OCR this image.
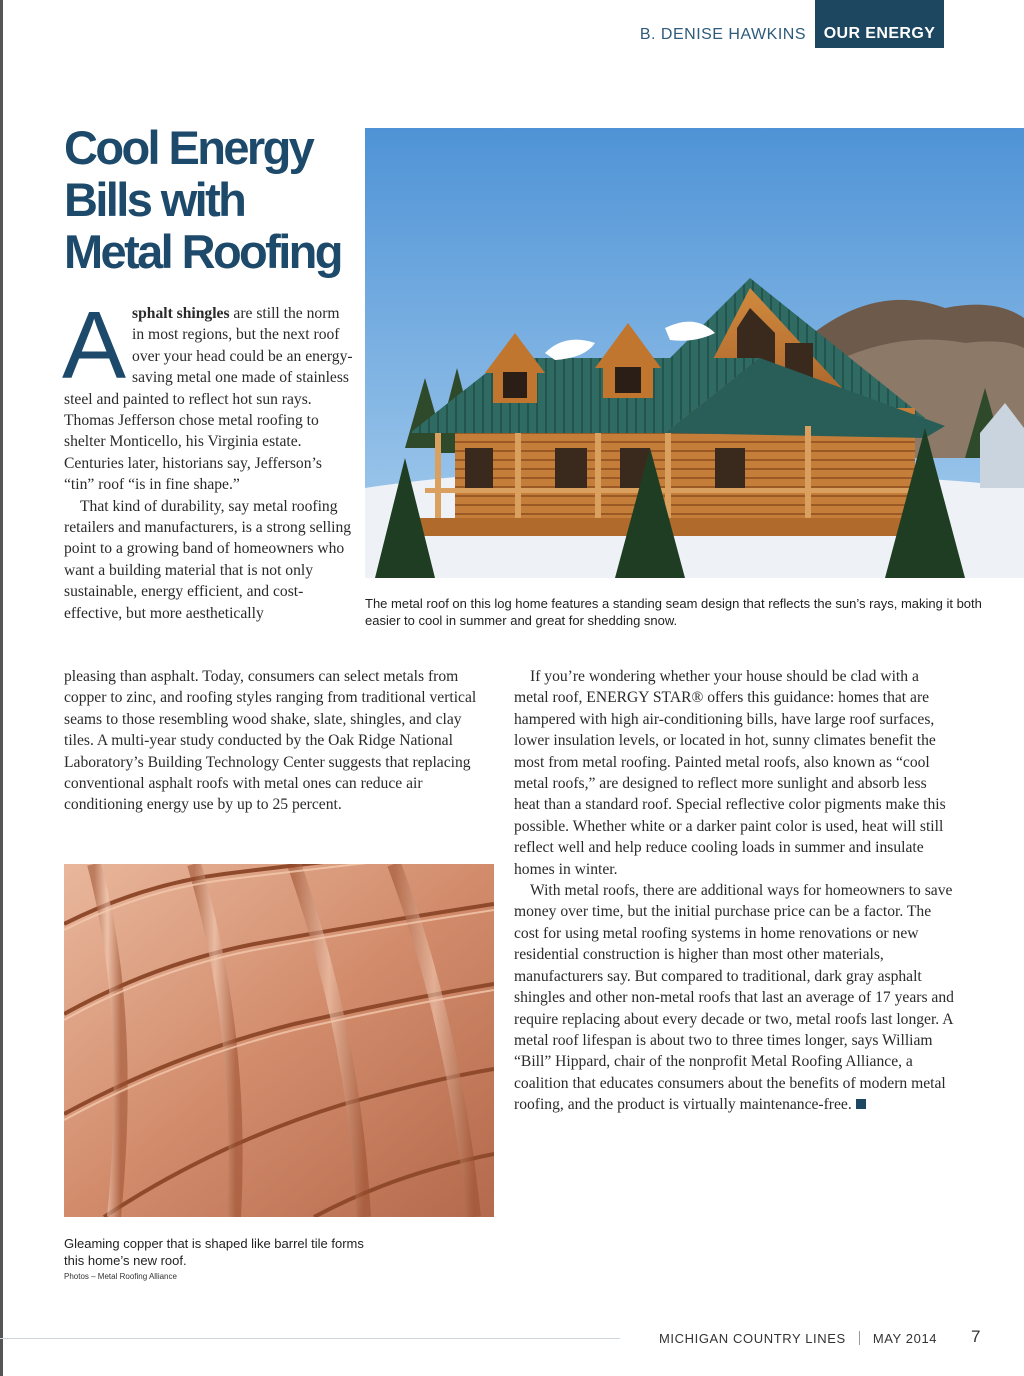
B. DENISE HAWKINS	OUR ENERGY
Cool Energy
Bills with
Metal Roofing
The metal roof on this log home features a standing seam design that reflects the sun’s rays, making it both easier to cool in summer and great for shedding snow.

Asphalt shingles are still the norm in most regions, but the next roof over your head could be an energy-saving metal one made of stainless steel and painted to reflect hot sun rays. Thomas Jefferson chose metal roofing to shelter Monticello, his Virginia estate. Centuries later, historians say, Jefferson’s “tin” roof “is in fine shape.”

That kind of durability, say metal roofing retailers and manufacturers, is a strong selling point to a growing band of homeowners who want a building material that is not only sustainable, energy efficient, and cost-effective, but more aesthetically

pleasing than asphalt. Today, consumers can select metals from copper to zinc, and roofing styles ranging from traditional vertical seams to those resembling wood shake, slate, shingles, and clay tiles. A multi-year study conducted by the Oak Ridge National Laboratory’s Building Technology Center suggests that replacing conventional asphalt roofs with metal ones can reduce air conditioning energy use by up to 25 percent.

If you’re wondering whether your house should be clad with a metal roof, ENERGY STAR® offers this guidance: homes that are hampered with high air-conditioning bills, have large roof surfaces, lower insulation levels, or located in hot, sunny climates benefit the most from metal roofing. Painted metal roofs, also known as “cool metal roofs,” are designed to reflect more sunlight and absorb less heat than a standard roof. Special reflective color pigments make this possible. Whether white or a darker paint color is used, heat will still reflect well and help reduce cooling loads in summer and insulate homes in winter.

With metal roofs, there are additional ways for homeowners to save money over time, but the initial purchase price can be a factor. The cost for using metal roofing systems in home renovations or new residential construction is higher than most other materials, manufacturers say. But compared to traditional, dark gray asphalt shingles and other non-metal roofs that last an average of 17 years and require replacing about every decade or two, metal roofs last longer. A metal roof lifespan is about two to three times longer, says William “Bill” Hippard, chair of the nonprofit Metal Roofing Alliance, a coalition that educates consumers about the benefits of modern metal roofing, and the product is virtually maintenance-free.

Gleaming copper that is shaped like barrel tile forms this home’s new roof.
Photos – Metal Roofing Alliance
MICHIGAN COUNTRY LINES MAY 2014 7
